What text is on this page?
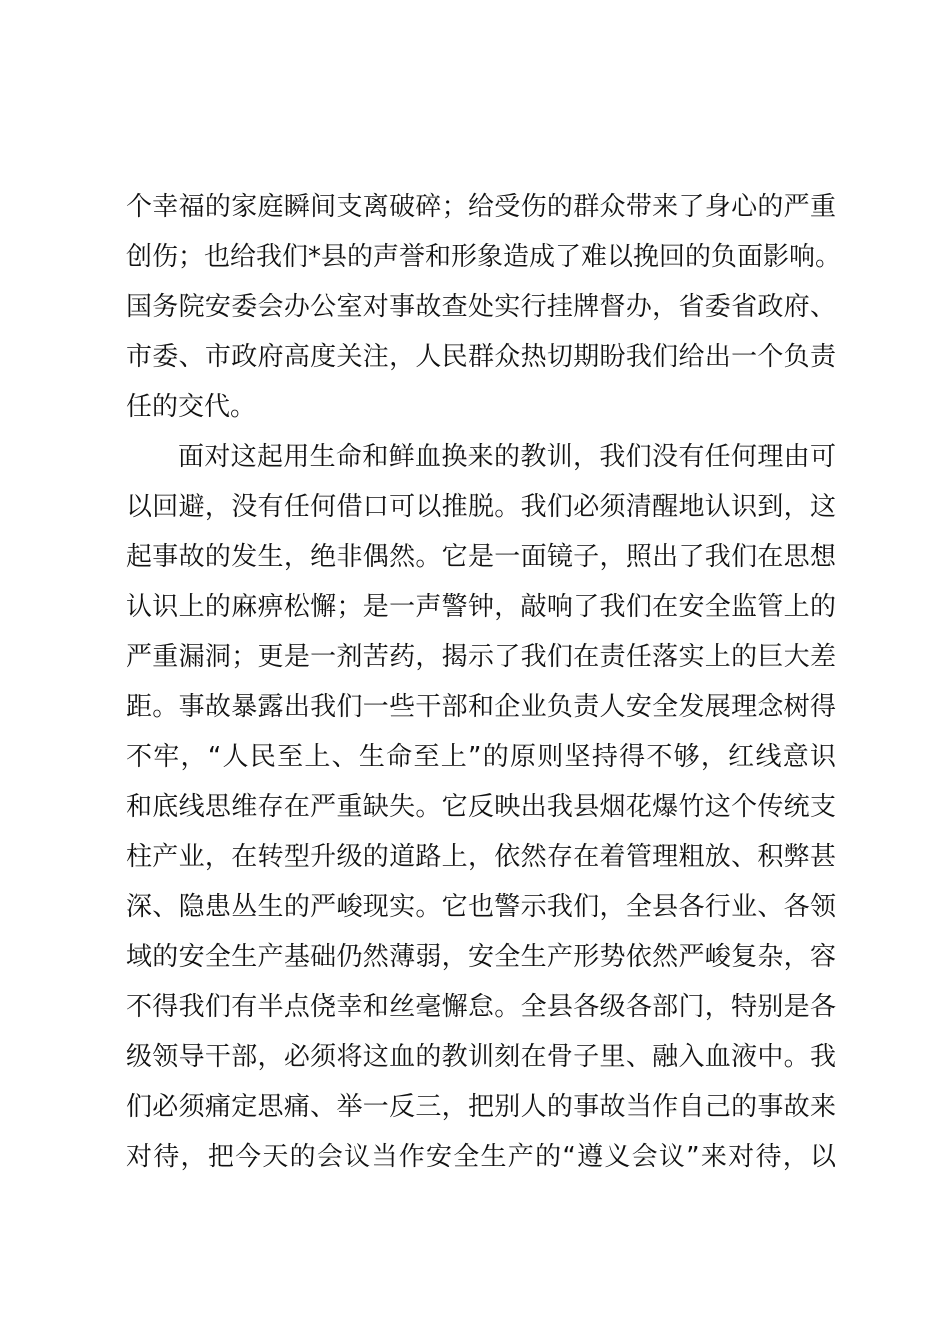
个幸福的家庭瞬间支离破碎；给受伤的群众带来了身心的严重
创伤；也给我们*县的声誉和形象造成了难以挽回的负面影响。
国务院安委会办公室对事故查处实行挂牌督办，省委省政府、
市委、市政府高度关注，人民群众热切期盼我们给出一个负责
任的交代。
面对这起用生命和鲜血换来的教训，我们没有任何理由可
以回避，没有任何借口可以推脱。我们必须清醒地认识到，这
起事故的发生，绝非偶然。它是一面镜子，照出了我们在思想
认识上的麻痹松懈；是一声警钟，敲响了我们在安全监管上的
严重漏洞；更是一剂苦药，揭示了我们在责任落实上的巨大差
距。事故暴露出我们一些干部和企业负责人安全发展理念树得
不牢，“人民至上、生命至上”的原则坚持得不够，红线意识
和底线思维存在严重缺失。它反映出我县烟花爆竹这个传统支
柱产业，在转型升级的道路上，依然存在着管理粗放、积弊甚
深、隐患丛生的严峻现实。它也警示我们，全县各行业、各领
域的安全生产基础仍然薄弱，安全生产形势依然严峻复杂，容
不得我们有半点侥幸和丝毫懈怠。全县各级各部门，特别是各
级领导干部，必须将这血的教训刻在骨子里、融入血液中。我
们必须痛定思痛、举一反三，把别人的事故当作自己的事故来
对待，把今天的会议当作安全生产的“遵义会议”来对待，以
